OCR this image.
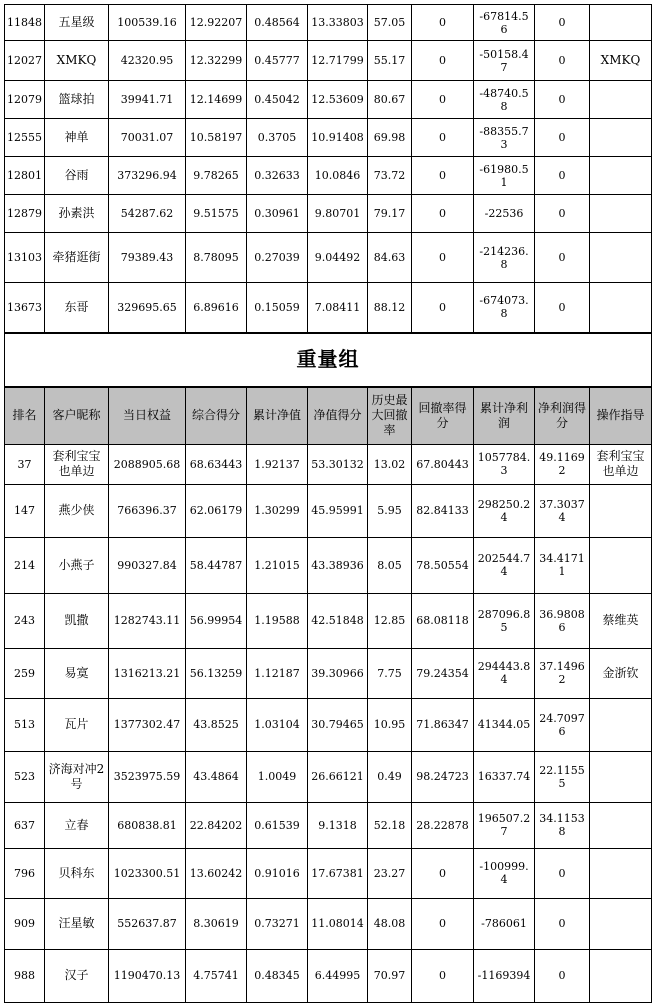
11848	五星级	100539.16	12.92207	0.48564	13.33803	57.05	0	-67814.56	0	
12027	XMKQ	42320.95	12.32299	0.45777	12.71799	55.17	0	-50158.47	0	XMKQ
12079	篮球拍	39941.71	12.14699	0.45042	12.53609	80.67	0	-48740.58	0	
12555	神单	70031.07	10.58197	0.3705	10.91408	69.98	0	-88355.73	0	
12801	谷雨	373296.94	9.78265	0.32633	10.0846	73.72	0	-61980.51	0	
12879	孙素洪	54287.62	9.51575	0.30961	9.80701	79.17	0	-22536	0	
13103	牵猪逛街	79389.43	8.78095	0.27039	9.04492	84.63	0	-214236.8	0	
13673	东哥	329695.65	6.89616	0.15059	7.08411	88.12	0	-674073.8	0	
重量组										
排名	客户昵称	当日权益	综合得分	累计净值	净值得分	历史最大回撤率	回撤率得分	累计净利润	净利润得分	操作指导
37	套利宝宝也单边	2088905.68	68.63443	1.92137	53.30132	13.02	67.80443	1057784.3	49.11692	套利宝宝也单边
147	燕少侠	766396.37	62.06179	1.30299	45.95991	5.95	82.84133	298250.24	37.30374	
214	小燕子	990327.84	58.44787	1.21015	43.38936	8.05	78.50554	202544.74	34.41711	
243	凯撒	1282743.11	56.99954	1.19588	42.51848	12.85	68.08118	287096.85	36.98086	蔡维英
259	易寞	1316213.21	56.13259	1.12187	39.30966	7.75	79.24354	294443.84	37.14962	金浙钦
513	瓦片	1377302.47	43.8525	1.03104	30.79465	10.95	71.86347	41344.05	24.70976	
523	济海对冲2号	3523975.59	43.4864	1.0049	26.66121	0.49	98.24723	16337.74	22.11555	
637	立春	680838.81	22.84202	0.61539	9.1318	52.18	28.22878	196507.27	34.11538	
796	贝科东	1023300.51	13.60242	0.91016	17.67381	23.27	0	-100999.4	0	
909	汪星敏	552637.87	8.30619	0.73271	11.08014	48.08	0	-786061	0	
988	汉子	1190470.13	4.75741	0.48345	6.44995	70.97	0	-1169394	0	
